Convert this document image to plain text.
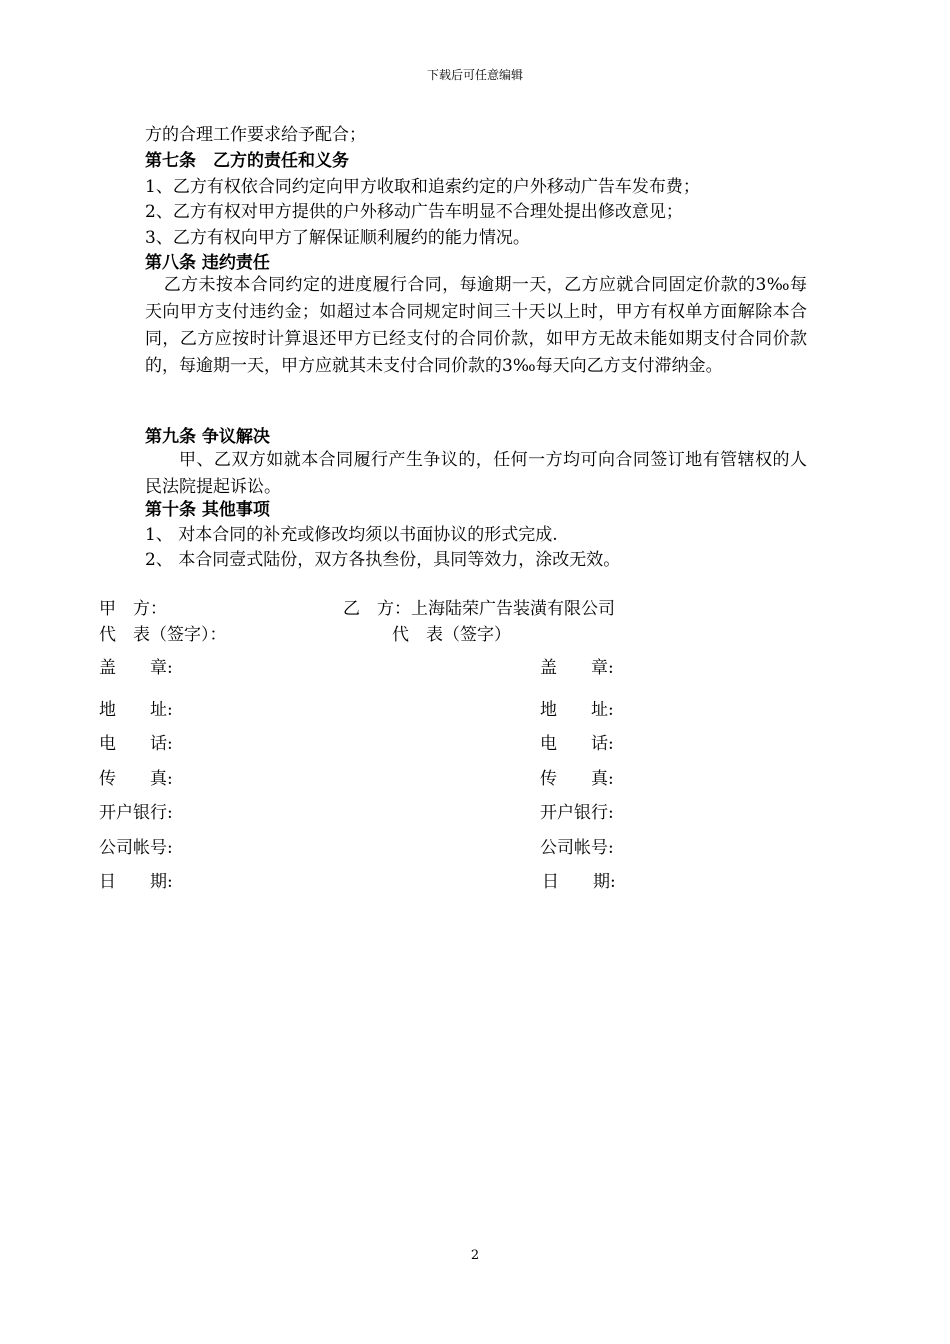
下载后可任意编辑
方的合理工作要求给予配合；
第七条　乙方的责任和义务
1、乙方有权依合同约定向甲方收取和追索约定的户外移动广告车发布费；
2、乙方有权对甲方提供的户外移动广告车明显不合理处提出修改意见；
3、乙方有权向甲方了解保证顺利履约的能力情况。
第八条 违约责任
乙方未按本合同约定的进度履行合同，每逾期一天，乙方应就合同固定价款的3‰每天向甲方支付违约金；如超过本合同规定时间三十天以上时，甲方有权单方面解除本合同，乙方应按时计算退还甲方已经支付的合同价款，如甲方无故未能如期支付合同价款的，每逾期一天，甲方应就其未支付合同价款的3‰每天向乙方支付滞纳金。
第九条 争议解决
甲、乙双方如就本合同履行产生争议的，任何一方均可向合同签订地有管辖权的人民法院提起诉讼。
第十条 其他事项
1、 对本合同的补充或修改均须以书面协议的形式完成.
2、 本合同壹式陆份，双方各执叁份，具同等效力，涂改无效。
甲　方：	乙　方：上海陆荣广告装潢有限公司
代　表（签字）：	代　表（签字）
盖　　章:	盖　　章:
地　　址:	地　　址:
电　　话:	电　　话:
传　　真:	传　　真:
开户银行:	开户银行:
公司帐号:	公司帐号:
日　　期:	日　　期:
2
